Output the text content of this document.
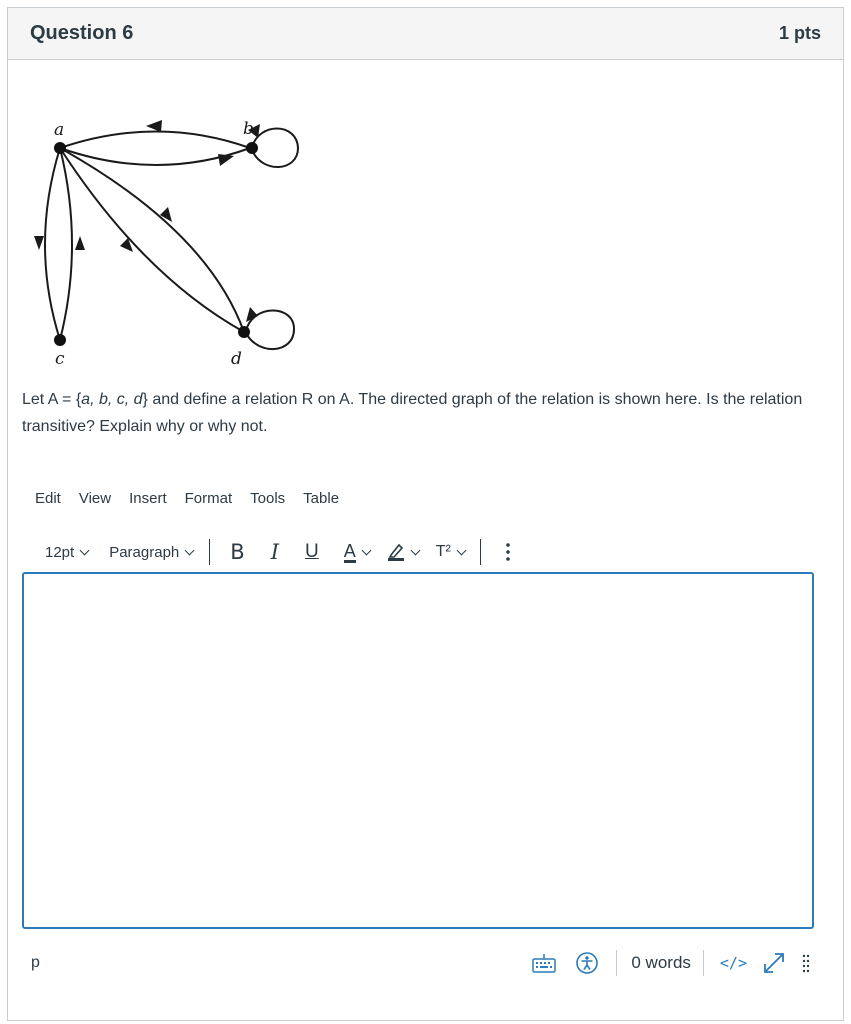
Question 6	1 pts
a	b
c	d
Let A = {a, b, c, d} and define a relation R on A. The directed graph of the relation is shown here. Is the relation transitive? Explain why or why not.
Edit	View	Insert	Format	Tools	Table
12pt Paragraph B I U A	T²
p	0 words </>
